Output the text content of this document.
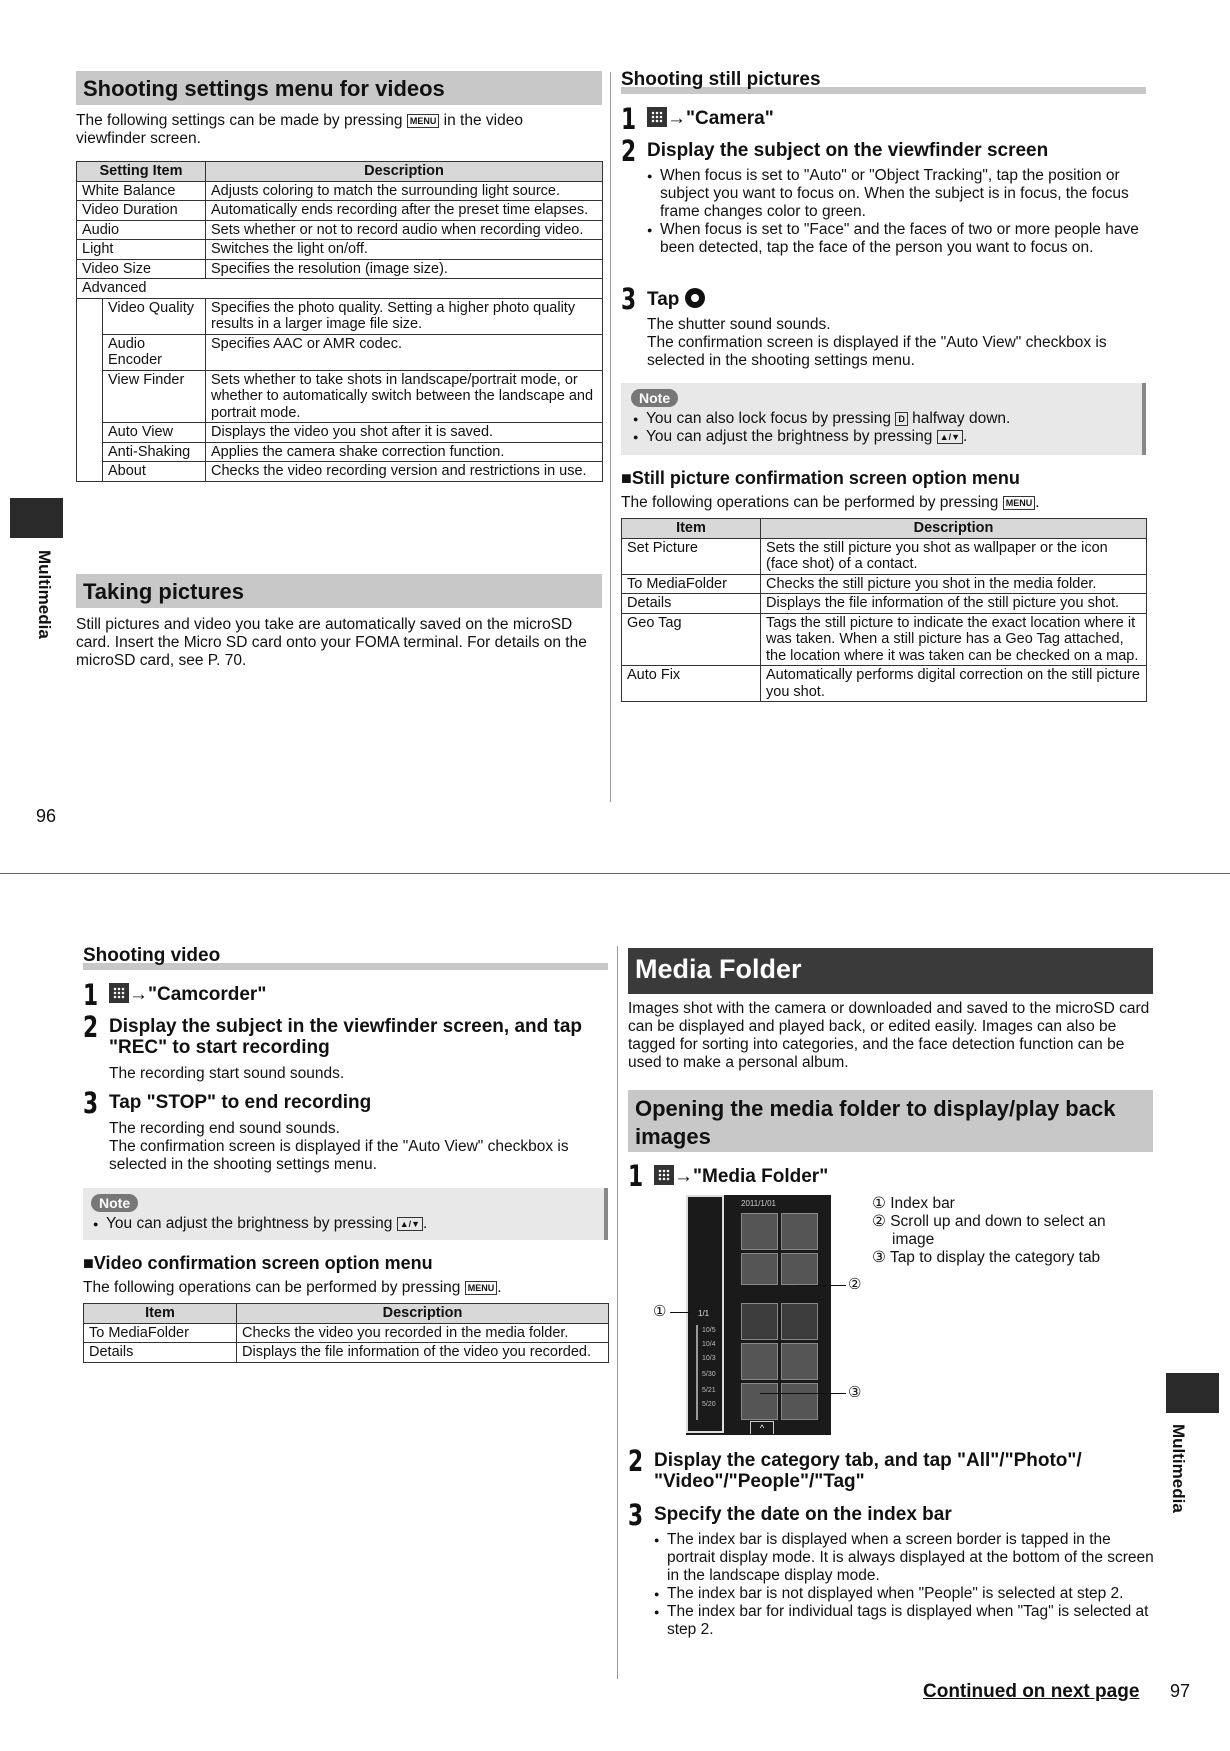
Shooting settings menu for videos
The following settings can be made by pressing MENU in the video viewfinder screen.
Setting Item		Description
White Balance		Adjusts coloring to match the surrounding light source.
Video Duration		Automatically ends recording after the preset time elapses.
Audio		Sets whether or not to record audio when recording video.
Light		Switches the light on/off.
Video Size		Specifies the resolution (image size).
Advanced		
	Video Quality	Specifies the photo quality. Setting a higher photo quality results in a larger image file size.
	Audio Encoder	Specifies AAC or AMR codec.
	View Finder	Sets whether to take shots in landscape/portrait mode, or whether to automatically switch between the landscape and portrait mode.
	Auto View	Displays the video you shot after it is saved.
	Anti-Shaking	Applies the camera shake correction function.
	About	Checks the video recording version and restrictions in use.
Taking pictures
Still pictures and video you take are automatically saved on the microSD card. Insert the Micro SD card onto your FOMA terminal. For details on the microSD card, see P. 70.
Multimedia
96
Shooting still pictures
1	→"Camera"
2 Display the subject on the viewfinder screen
● When focus is set to "Auto" or "Object Tracking", tap the position or subject you want to focus on. When the subject is in focus, the focus frame changes color to green.
● When focus is set to "Face" and the faces of two or more people have been detected, tap the face of the person you want to focus on.
3 Tap
The shutter sound sounds.
The confirmation screen is displayed if the "Auto View" checkbox is selected in the shooting settings menu.
Note
● You can also lock focus by pressing D halfway down.
● You can adjust the brightness by pressing ▲/▼ .
■Still picture confirmation screen option menu
The following operations can be performed by pressing MENU .
Item	Description
Set Picture	Sets the still picture you shot as wallpaper or the icon (face shot) of a contact.
To MediaFolder	Checks the still picture you shot in the media folder.
Details	Displays the file information of the still picture you shot.
Geo Tag	Tags the still picture to indicate the exact location where it was taken. When a still picture has a Geo Tag attached, the location where it was taken can be checked on a map.
Auto Fix	Automatically performs digital correction on the still picture you shot.
Shooting video
1	→"Camcorder"
2 Display the subject in the viewfinder screen, and tap "REC" to start recording
The recording start sound sounds.
3 Tap "STOP" to end recording
The recording end sound sounds.
The confirmation screen is displayed if the "Auto View" checkbox is selected in the shooting settings menu.
Note
● You can adjust the brightness by pressing ▲/▼ .
■Video confirmation screen option menu
The following operations can be performed by pressing MENU .
Item	Description
To MediaFolder	Checks the video you recorded in the media folder.
Details	Displays the file information of the video you recorded.
Media Folder
Images shot with the camera or downloaded and saved to the microSD card can be displayed and played back, or edited easily. Images can also be tagged for sorting into categories, and the face detection function can be used to make a personal album.
Opening the media folder to display/play back images
1	→"Media Folder"
2011/1/01
1/1
10/5
10/4
10/3
5/30
5/21
5/20
^
①
②
③
① Index bar
② Scroll up and down to select an image
③ Tap to display the category tab
2 Display the category tab, and tap "All"/"Photo"/ "Video"/"People"/"Tag"
3 Specify the date on the index bar
● The index bar is displayed when a screen border is tapped in the portrait display mode. It is always displayed at the bottom of the screen in the landscape display mode.
● The index bar is not displayed when "People" is selected at step 2.
● The index bar for individual tags is displayed when "Tag" is selected at step 2.
Multimedia
Continued on next page 97
